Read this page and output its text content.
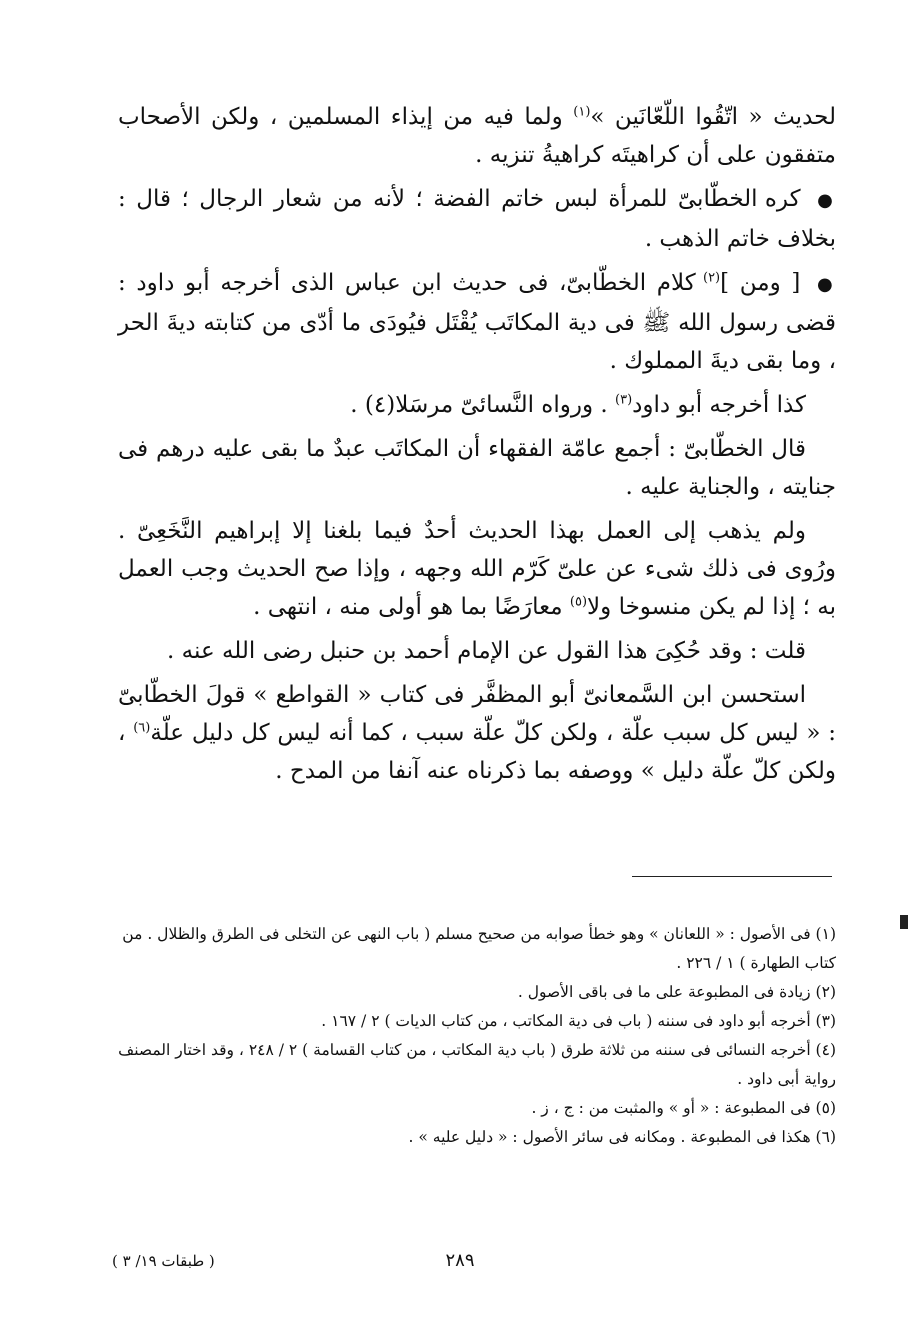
لحديث « اتّقُوا اللّعّانَين »$^{(١)}$ ولما فيه من إيذاء المسلمين ، ولكن الأصحاب متفقون على أن كراهيتَه كراهيةُ تنزيه .

● كره الخطّابىّ للمرأة لبس خاتم الفضة ؛ لأنه من شعار الرجال ؛ قال : بخلاف خاتم الذهب .

● [ ومن ]$^{(٢)}$ كلام الخطّابىّ، فى حديث ابن عباس الذى أخرجه أبو داود : قضى رسول الله ﷺ فى دية المكاتَب يُقْتَل فيُودَى ما أدّى من كتابته ديةَ الحر ، وما بقى ديةَ المملوك .

كذا أخرجه أبو داود$^{(٣)}$ . ورواه النَّسائىّ مرسَلا(٤) .

قال الخطّابىّ : أجمع عامّة الفقهاء أن المكاتَب عبدٌ ما بقى عليه درهم فى جنايته ، والجناية عليه .

ولم يذهب إلى العمل بهذا الحديث أحدٌ فيما بلغنا إلا إبراهيم النَّخَعِىّ . ورُوى فى ذلك شىء عن علىّ كَرّم الله وجهه ، وإذا صح الحديث وجب العمل به ؛ إذا لم يكن منسوخا ولا$^{(٥)}$ معارَضًا بما هو أولى منه ، انتهى .

قلت : وقد حُكِىَ هذا القول عن الإمام أحمد بن حنبل رضى الله عنه .

استحسن ابن السَّمعانىّ أبو المظفَّر فى كتاب « القواطع » قولَ الخطّابىّ : « ليس كل سبب علّة ، ولكن كلّ علّة سبب ، كما أنه ليس كل دليل علّة$^{(٦)}$ ، ولكن كلّ علّة دليل » ووصفه بما ذكرناه عنه آنفا من المدح .

(١) فى الأصول : « اللعانان » وهو خطأ صوابه من صحيح مسلم ( باب النهى عن التخلى فى الطرق والظلال . من كتاب الطهارة ) ١ / ٢٢٦ .

(٢) زيادة فى المطبوعة على ما فى باقى الأصول .

(٣) أخرجه أبو داود فى سننه ( باب فى دية المكاتب ، من كتاب الديات ) ٢ / ١٦٧ .

(٤) أخرجه النسائى فى سننه من ثلاثة طرق ( باب دية المكاتب ، من كتاب القسامة ) ٢ / ٢٤٨ ، وقد اختار المصنف رواية أبى داود .

(٥) فى المطبوعة : « أو » والمثبت من : ج ، ز .

(٦) هكذا فى المطبوعة . ومكانه فى سائر الأصول : « دليل عليه » .

٢٨٩
( طبقات ١٩/ ٣ )
